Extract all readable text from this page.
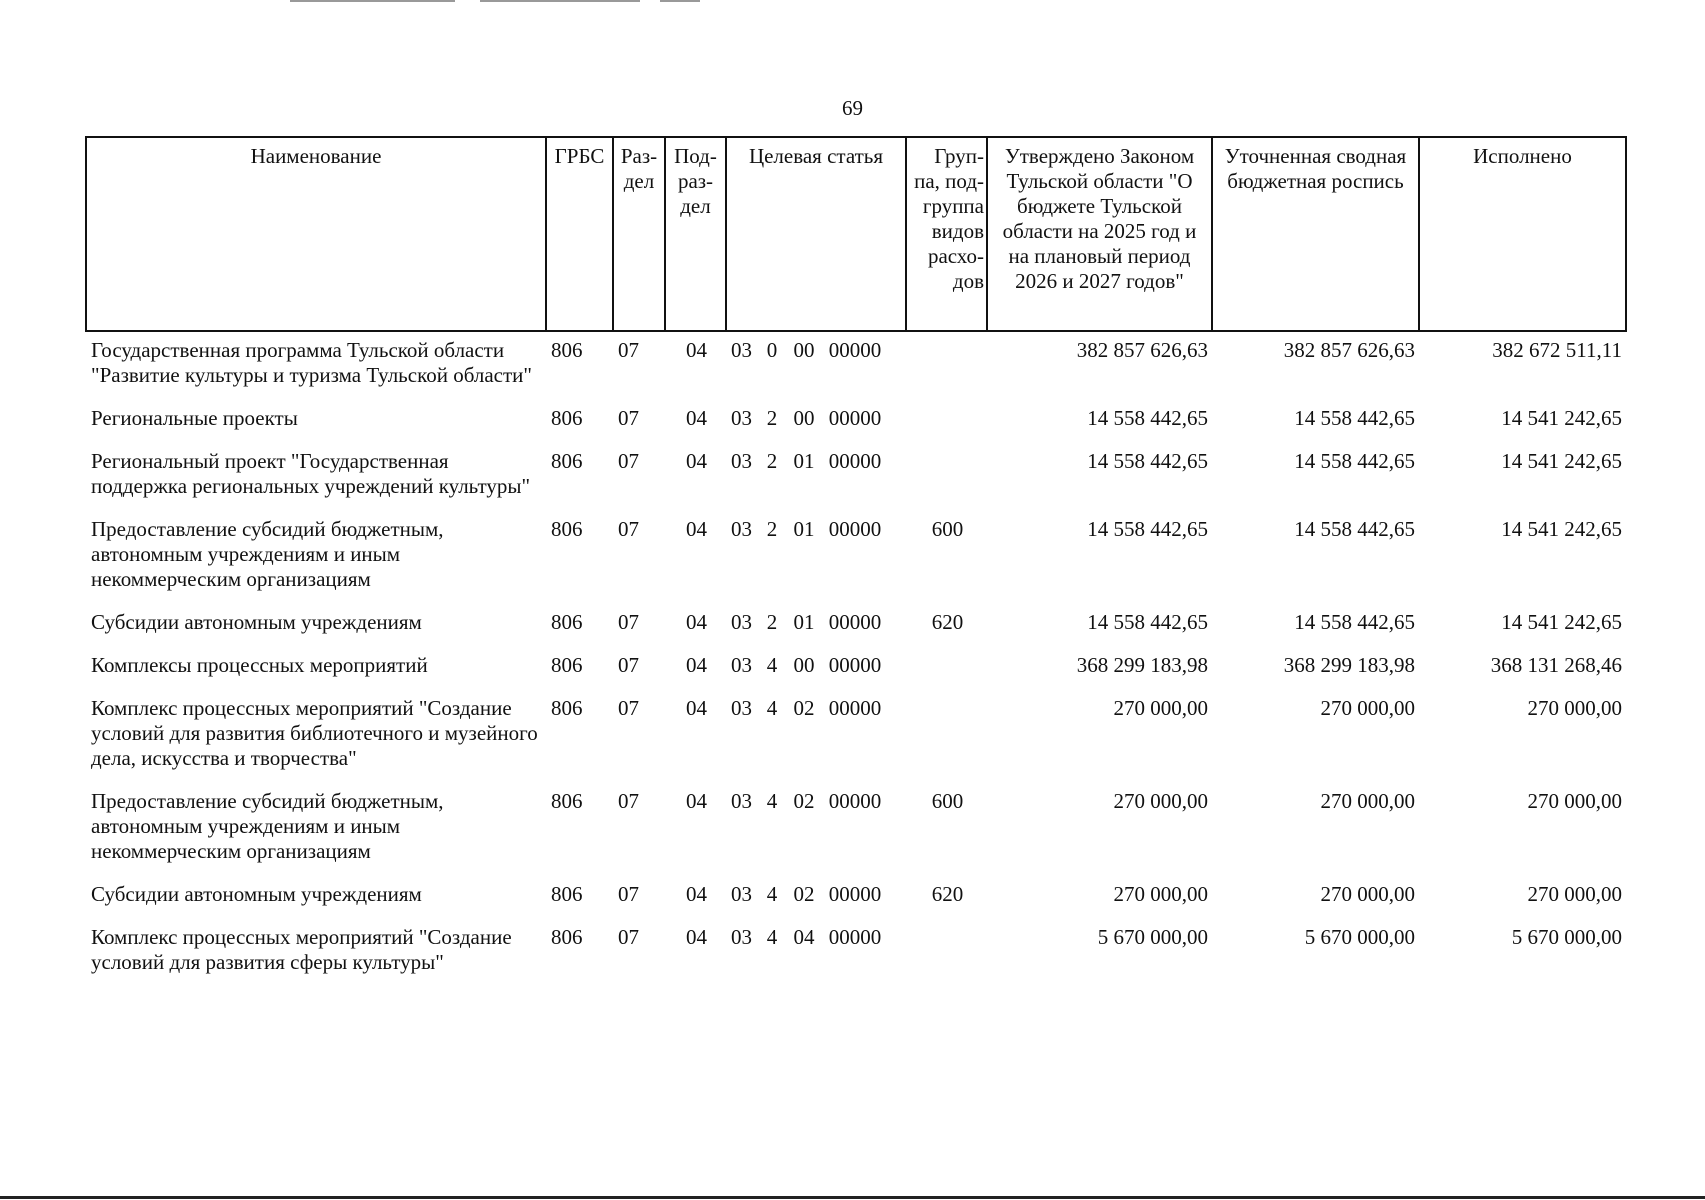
69
Наименование	ГРБС	Раз-дел	Под-раз-дел	Целевая статья	Груп-па, под-группа видов расхо-дов	Утверждено Законом Тульской области "О бюджете Тульской области на 2025 год и на плановый период 2026 и 2027 годов"	Уточненная сводная бюджетная роспись	Исполнено
Государственная программа Тульской области "Развитие культуры и туризма Тульской области"	806	07	04	03 0 00 00000		382 857 626,63	382 857 626,63	382 672 511,11
Региональные проекты	806	07	04	03 2 00 00000		14 558 442,65	14 558 442,65	14 541 242,65
Региональный проект "Государственная поддержка региональных учреждений культуры"	806	07	04	03 2 01 00000		14 558 442,65	14 558 442,65	14 541 242,65
Предоставление субсидий бюджетным, автономным учреждениям и иным некоммерческим организациям	806	07	04	03 2 01 00000	600	14 558 442,65	14 558 442,65	14 541 242,65
Субсидии автономным учреждениям	806	07	04	03 2 01 00000	620	14 558 442,65	14 558 442,65	14 541 242,65
Комплексы процессных мероприятий	806	07	04	03 4 00 00000		368 299 183,98	368 299 183,98	368 131 268,46
Комплекс процессных мероприятий "Создание условий для развития библиотечного и музейного дела, искусства и творчества"	806	07	04	03 4 02 00000		270 000,00	270 000,00	270 000,00
Предоставление субсидий бюджетным, автономным учреждениям и иным некоммерческим организациям	806	07	04	03 4 02 00000	600	270 000,00	270 000,00	270 000,00
Субсидии автономным учреждениям	806	07	04	03 4 02 00000	620	270 000,00	270 000,00	270 000,00
Комплекс процессных мероприятий "Создание условий для развития сферы культуры"	806	07	04	03 4 04 00000		5 670 000,00	5 670 000,00	5 670 000,00
